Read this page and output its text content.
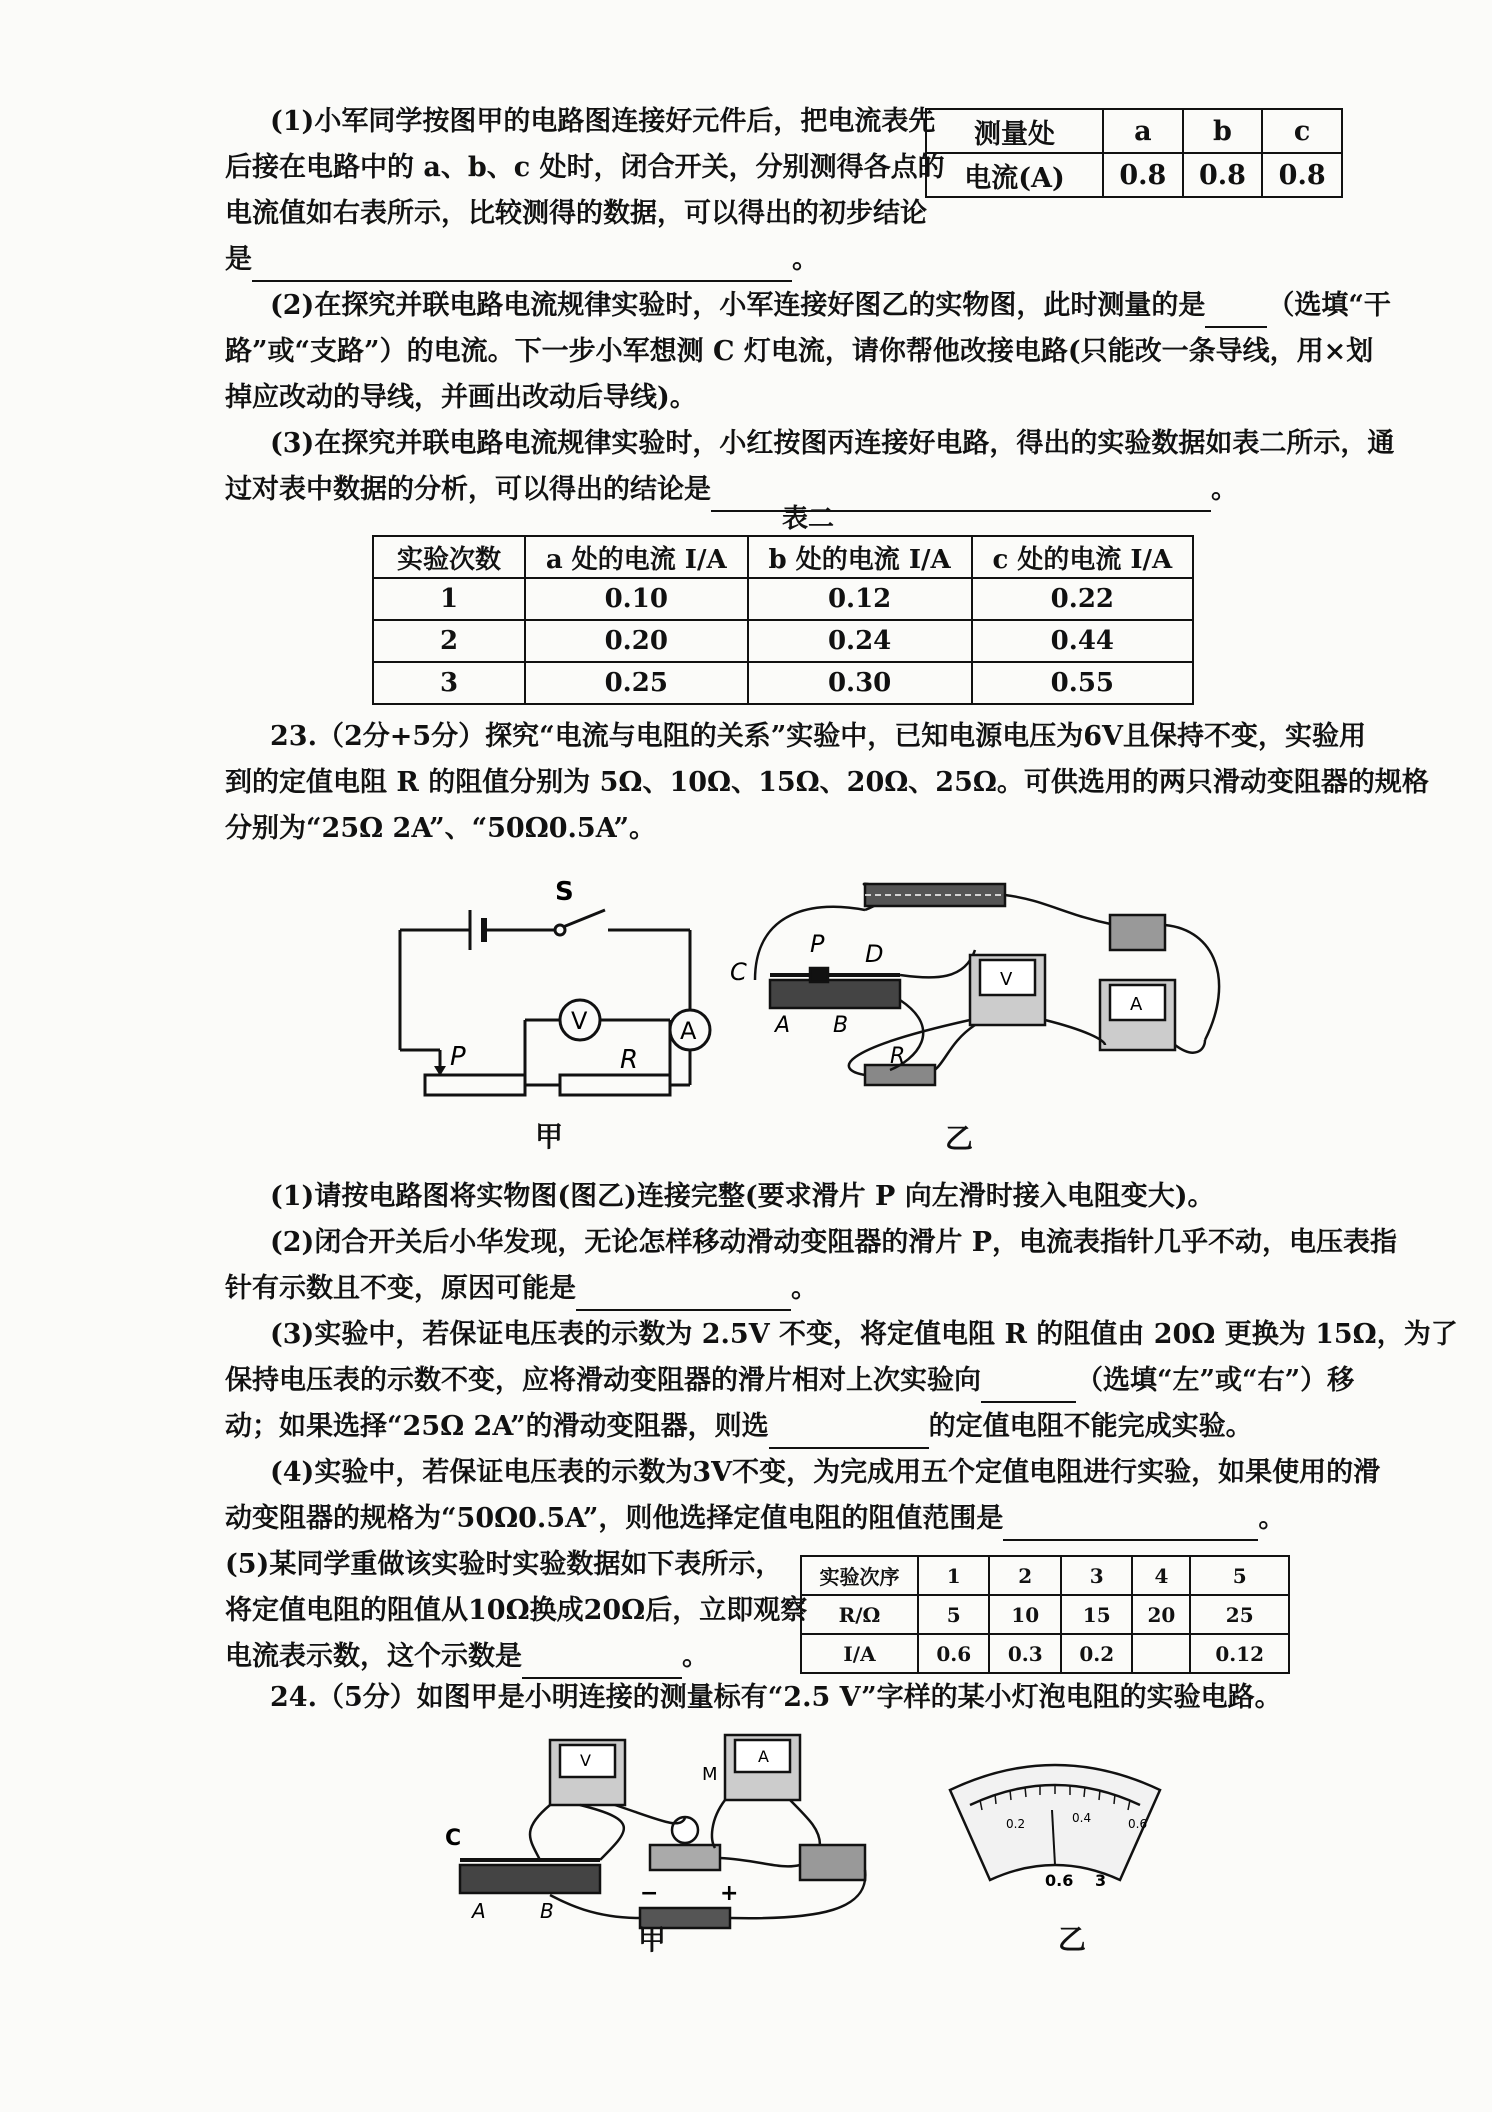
(1)小军同学按图甲的电路图连接好元件后，把电流表先
后接在电路中的 a、b、c 处时，闭合开关，分别测得各点的
电流值如右表所示，比较测得的数据，可以得出的初步结论
是	。
测量处	a	b	c
电流(A)	0.8	0.8	0.8
(2)在探究并联电路电流规律实验时，小军连接好图乙的实物图，此时测量的是 （选填“干
路”或“支路”）的电流。下一步小军想测 C 灯电流，请你帮他改接电路(只能改一条导线，用×划
掉应改动的导线，并画出改动后导线)。
(3)在探究并联电路电流规律实验时，小红按图丙连接好电路，得出的实验数据如表二所示，通
过对表中数据的分析，可以得出的结论是	。
表二
实验次数	a 处的电流 I/A	b 处的电流 I/A	c 处的电流 I/A
1	0.10	0.12	0.22
2	0.20	0.24	0.44
3	0.25	0.30	0.55
23.（2分+5分）探究“电流与电阻的关系”实验中，已知电源电压为6V且保持不变，实验用
到的定值电阻 R 的阻值分别为 5Ω、10Ω、15Ω、20Ω、25Ω。可供选用的两只滑动变阻器的规格
分别为“25Ω 2A”、“50Ω0.5A”。
S
P
V	A
R
甲
C
P D
A B
R
V
A
乙
(1)请按电路图将实物图(图乙)连接完整(要求滑片 P 向左滑时接入电阻变大)。
(2)闭合开关后小华发现，无论怎样移动滑动变阻器的滑片 P，电流表指针几乎不动，电压表指
针有示数且不变，原因可能是	。
(3)实验中，若保证电压表的示数为 2.5V 不变，将定值电阻 R 的阻值由 20Ω 更换为 15Ω，为了
保持电压表的示数不变，应将滑动变阻器的滑片相对上次实验向	（选填“左”或“右”）移
动；如果选择“25Ω 2A”的滑动变阻器，则选	的定值电阻不能完成实验。
(4)实验中，若保证电压表的示数为3V不变，为完成用五个定值电阻进行实验，如果使用的滑
动变阻器的规格为“50Ω0.5A”，则他选择定值电阻的阻值范围是	。
(5)某同学重做该实验时实验数据如下表所示，
将定值电阻的阻值从10Ω换成20Ω后，立即观察
电流表示数，这个示数是	。
实验次序	1	2	3	4	5
R/Ω	5	10	15	20	25
I/A	0.6	0.3	0.2		0.12
24.（5分）如图甲是小明连接的测量标有“2.5 V”字样的某小灯泡电阻的实验电路。
C
A	B
V	A
M
−	+
甲
0.2	0.4	0.6
0.6 3
乙
